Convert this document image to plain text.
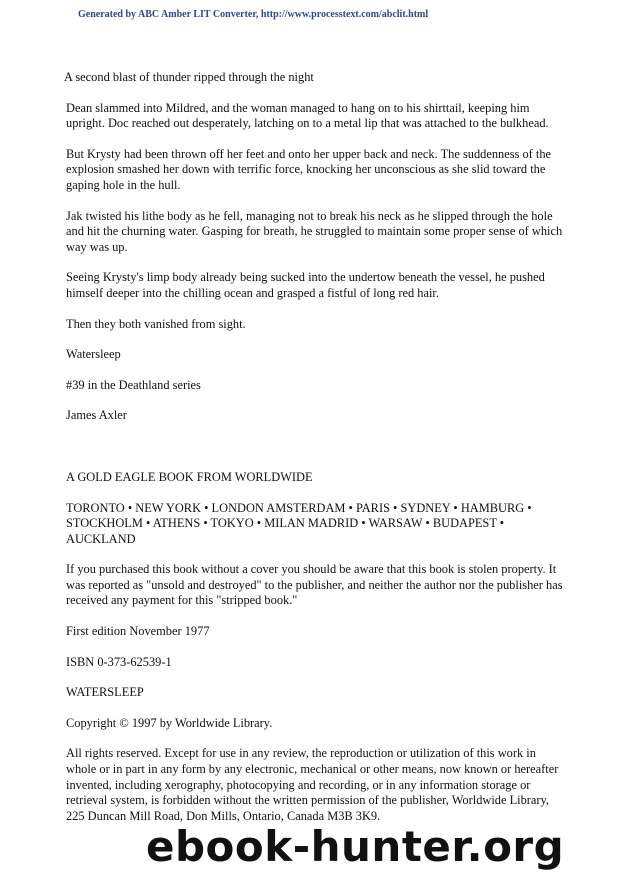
Generated by ABC Amber LIT Converter, http://www.processtext.com/abclit.html

A second blast of thunder ripped through the night

Dean slammed into Mildred, and the woman managed to hang on to his shirttail, keeping him upright. Doc reached out desperately, latching on to a metal lip that was attached to the bulkhead.

But Krysty had been thrown off her feet and onto her upper back and neck. The suddenness of the explosion smashed her down with terrific force, knocking her unconscious as she slid toward the gaping hole in the hull.

Jak twisted his lithe body as he fell, managing not to break his neck as he slipped through the hole and hit the churning water. Gasping for breath, he struggled to maintain some proper sense of which way was up.

Seeing Krysty's limp body already being sucked into the undertow beneath the vessel, he pushed himself deeper into the chilling ocean and grasped a fistful of long red hair.

Then they both vanished from sight.

Watersleep

#39 in the Deathland series

James Axler

A GOLD EAGLE BOOK FROM WORLDWIDE

TORONTO • NEW YORK • LONDON AMSTERDAM • PARIS • SYDNEY • HAMBURG • STOCKHOLM • ATHENS • TOKYO • MILAN MADRID • WARSAW • BUDAPEST • AUCKLAND

If you purchased this book without a cover you should be aware that this book is stolen property. It was reported as "unsold and destroyed" to the publisher, and neither the author nor the publisher has received any payment for this "stripped book."

First edition November 1977

ISBN 0-373-62539-1

WATERSLEEP

Copyright © 1997 by Worldwide Library.

All rights reserved. Except for use in any review, the reproduction or utilization of this work in whole or in part in any form by any electronic, mechanical or other means, now known or hereafter invented, including xerography, photocopying and recording, or in any information storage or retrieval system, is forbidden without the written permission of the publisher, Worldwide Library, 225 Duncan Mill Road, Don Mills, Ontario, Canada M3B 3K9.

ebook-hunter.org
